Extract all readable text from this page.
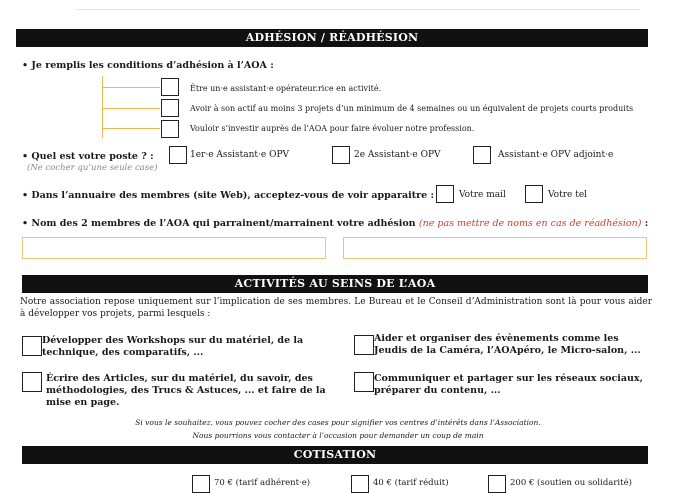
ADHÉSION / RÉADHÉSION
• Je remplis les conditions d’adhésion à l’AOA :
Être un·e assistant·e opérateur.rice en activité.
Avoir à son actif au moins 3 projets d’un minimum de 4 semaines ou un équivalent de projets courts produits
Vouloir s’investir auprès de l’AOA pour faire évoluer notre profession.
• Quel est votre poste ? :
(Ne cocher qu’une seule case)
1er·e Assistant·e OPV	2e Assistant·e OPV	Assistant·e OPV adjoint·e
• Dans l’annuaire des membres (site Web), acceptez-vous de voir apparaitre :	Votre mail	Votre tel
• Nom des 2 membres de l’AOA qui parrainent/marrainent votre adhésion (ne pas mettre de noms en cas de réadhésion) :
ACTIVITÉS AU SEINS DE L’AOA
Notre association repose uniquement sur l’implication de ses membres. Le Bureau et le Conseil d’Administration sont là pour vous aider à développer vos projets, parmi lesquels :
Développer des Workshops sur du matériel, de la technique, des comparatifs, ...
Aider et organiser des évènements comme les Jeudis de la Caméra, l’AOApéro, le Micro-salon, ...
Écrire des Articles, sur du matériel, du savoir, des méthodologies, des Trucs & Astuces, ... et faire de la mise en page.
Communiquer et partager sur les réseaux sociaux, préparer du contenu, ...
Si vous le souhaitez, vous pouvez cocher des cases pour signifier vos centres d’intérêts dans l’Association.
Nous pourrions vous contacter à l’occasion pour demander un coup de main
COTISATION
70 € (tarif adhérent·e)	40 € (tarif réduit)	200 € (soutien ou solidarité)
